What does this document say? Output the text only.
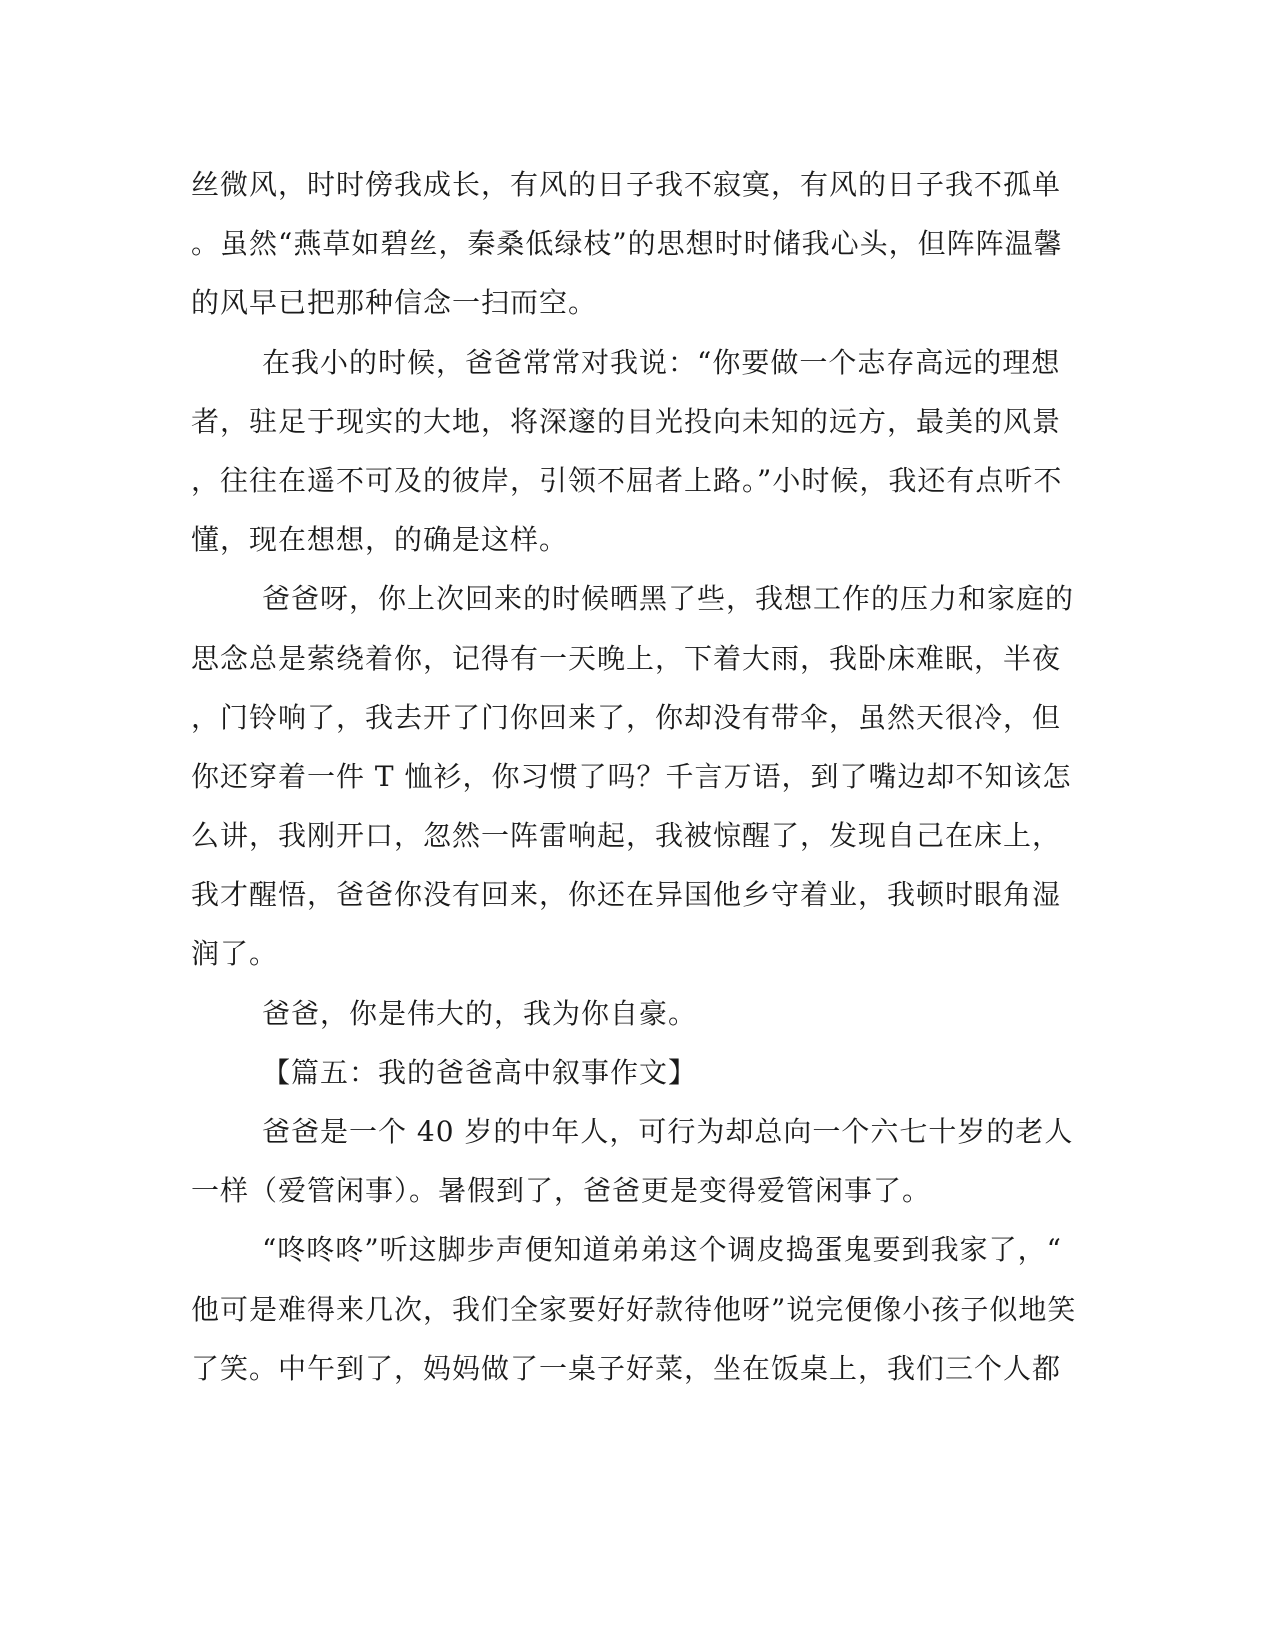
丝微风，时时傍我成长，有风的日子我不寂寞，有风的日子我不孤单
。虽然“燕草如碧丝，秦桑低绿枝”的思想时时储我心头，但阵阵温馨
的风早已把那种信念一扫而空。
在我小的时候，爸爸常常对我说：“你要做一个志存高远的理想
者，驻足于现实的大地，将深邃的目光投向未知的远方，最美的风景
，往往在遥不可及的彼岸，引领不屈者上路。”小时候，我还有点听不
懂，现在想想，的确是这样。
爸爸呀，你上次回来的时候晒黑了些，我想工作的压力和家庭的
思念总是萦绕着你，记得有一天晚上，下着大雨，我卧床难眠，半夜
，门铃响了，我去开了门你回来了，你却没有带伞，虽然天很冷，但
你还穿着一件 T 恤衫，你习惯了吗？千言万语，到了嘴边却不知该怎
么讲，我刚开口，忽然一阵雷响起，我被惊醒了，发现自己在床上，
我才醒悟，爸爸你没有回来，你还在异国他乡守着业，我顿时眼角湿
润了。
爸爸，你是伟大的，我为你自豪。
【篇五：我的爸爸高中叙事作文】
爸爸是一个 40 岁的中年人，可行为却总向一个六七十岁的老人
一样（爱管闲事）。暑假到了，爸爸更是变得爱管闲事了。
“咚咚咚”听这脚步声便知道弟弟这个调皮捣蛋鬼要到我家了，“
他可是难得来几次，我们全家要好好款待他呀”说完便像小孩子似地笑
了笑。中午到了，妈妈做了一桌子好菜，坐在饭桌上，我们三个人都
